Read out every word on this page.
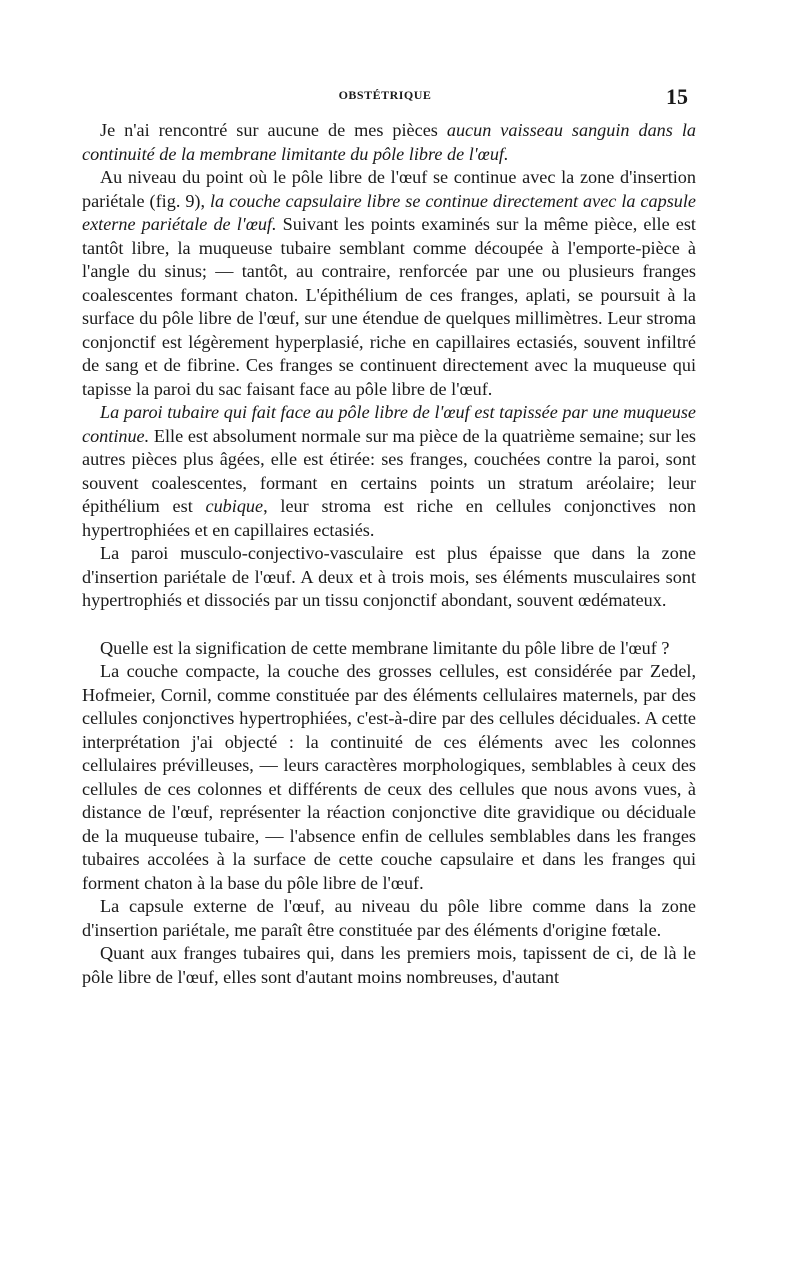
OBSTÉTRIQUE	15

Je n'ai rencontré sur aucune de mes pièces aucun vaisseau sanguin dans la continuité de la membrane limitante du pôle libre de l'œuf.

Au niveau du point où le pôle libre de l'œuf se continue avec la zone d'insertion pariétale (fig. 9), la couche capsulaire libre se continue directement avec la capsule externe pariétale de l'œuf. Suivant les points examinés sur la même pièce, elle est tantôt libre, la muqueuse tubaire semblant comme découpée à l'emporte-pièce à l'angle du sinus; — tantôt, au contraire, renforcée par une ou plusieurs franges coalescentes formant chaton. L'épithélium de ces franges, aplati, se poursuit à la surface du pôle libre de l'œuf, sur une étendue de quelques millimètres. Leur stroma conjonctif est légèrement hyperplasié, riche en capillaires ectasiés, souvent infiltré de sang et de fibrine. Ces franges se continuent directement avec la muqueuse qui tapisse la paroi du sac faisant face au pôle libre de l'œuf.

La paroi tubaire qui fait face au pôle libre de l'œuf est tapissée par une muqueuse continue. Elle est absolument normale sur ma pièce de la quatrième semaine; sur les autres pièces plus âgées, elle est étirée: ses franges, couchées contre la paroi, sont souvent coalescentes, formant en certains points un stratum aréolaire; leur épithélium est cubique, leur stroma est riche en cellules conjonctives non hypertrophiées et en capillaires ectasiés.

La paroi musculo-conjectivo-vasculaire est plus épaisse que dans la zone d'insertion pariétale de l'œuf. A deux et à trois mois, ses éléments musculaires sont hypertrophiés et dissociés par un tissu conjonctif abondant, souvent œdémateux.

Quelle est la signification de cette membrane limitante du pôle libre de l'œuf ?

La couche compacte, la couche des grosses cellules, est considérée par Zedel, Hofmeier, Cornil, comme constituée par des éléments cellulaires maternels, par des cellules conjonctives hypertrophiées, c'est-à-dire par des cellules déciduales. A cette interprétation j'ai objecté : la continuité de ces éléments avec les colonnes cellulaires prévilleuses, — leurs caractères morphologiques, semblables à ceux des cellules de ces colonnes et différents de ceux des cellules que nous avons vues, à distance de l'œuf, représenter la réaction conjonctive dite gravidique ou déciduale de la muqueuse tubaire, — l'absence enfin de cellules semblables dans les franges tubaires accolées à la surface de cette couche capsulaire et dans les franges qui forment chaton à la base du pôle libre de l'œuf.

La capsule externe de l'œuf, au niveau du pôle libre comme dans la zone d'insertion pariétale, me paraît être constituée par des éléments d'origine fœtale.

Quant aux franges tubaires qui, dans les premiers mois, tapissent de ci, de là le pôle libre de l'œuf, elles sont d'autant moins nombreuses, d'autant
